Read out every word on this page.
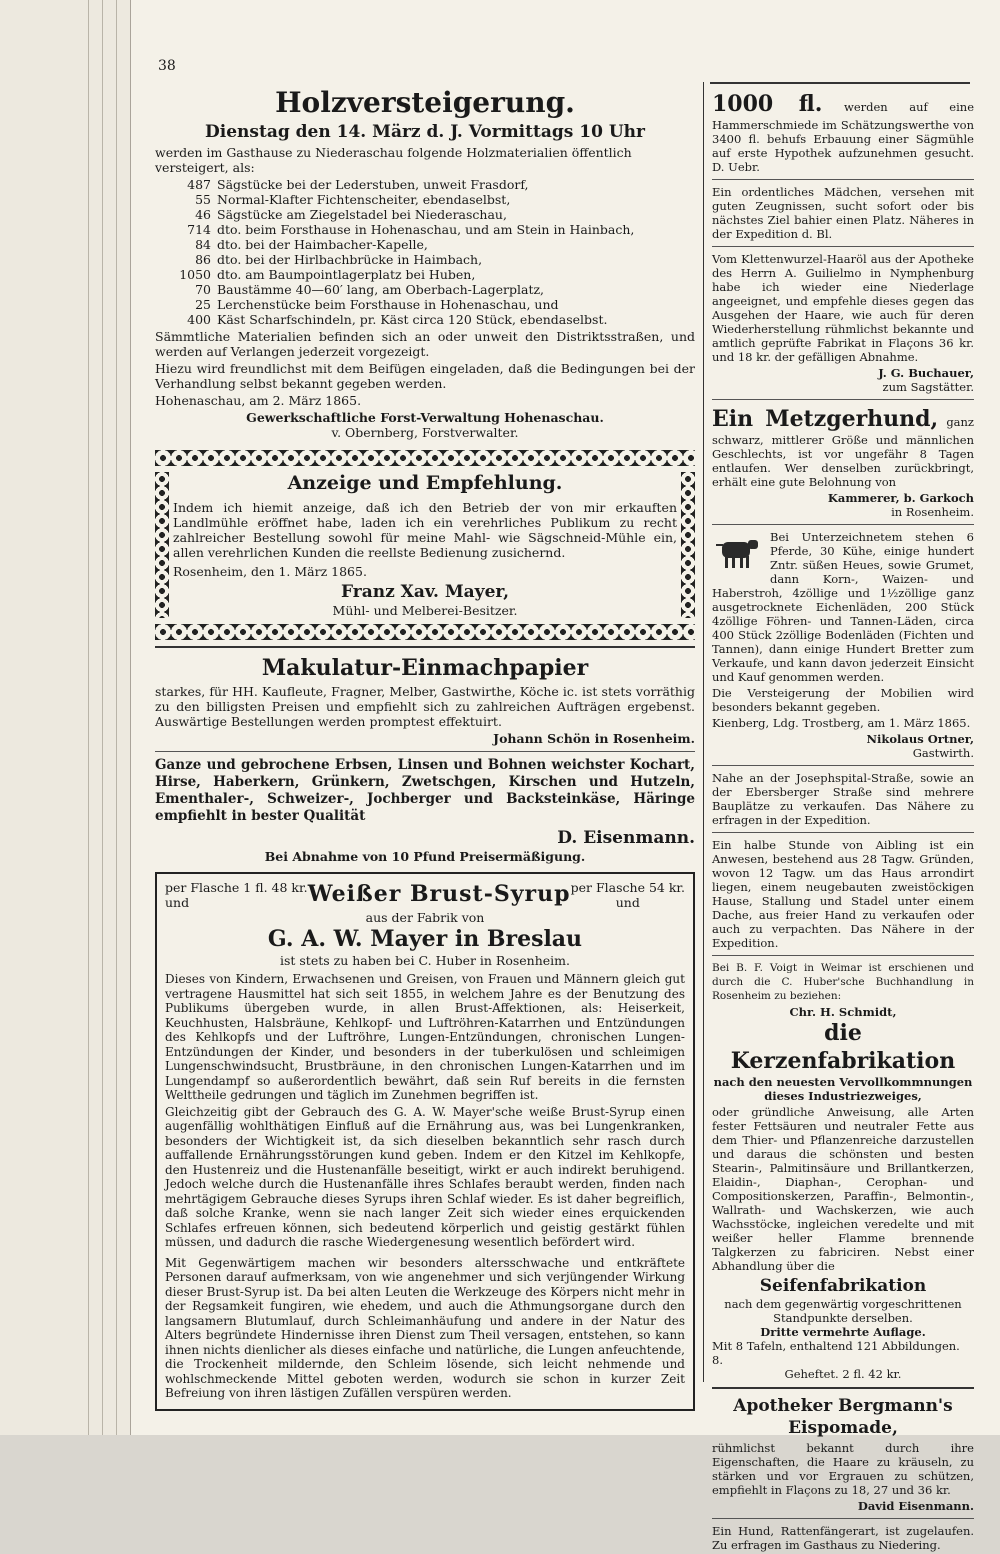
38
Holzversteigerung.
Dienstag den 14. März d. J. Vormittags 10 Uhr

werden im Gasthause zu Niederaschau folgende Holzmaterialien öffentlich versteigert, als:

487 Sägstücke bei der Lederstuben, unweit Frasdorf,
55 Normal-Klafter Fichtenscheiter, ebendaselbst,
46 Sägstücke am Ziegelstadel bei Niederaschau,
714 dto. beim Forsthause in Hohenaschau, und am Stein in Hainbach,
84 dto. bei der Haimbacher-Kapelle,
86 dto. bei der Hirlbachbrücke in Haimbach,
1050 dto. am Baumpointlagerplatz bei Huben,
70 Baustämme 40—60′ lang, am Oberbach-Lagerplatz,
25 Lerchenstücke beim Forsthause in Hohenaschau, und
400 Käst Scharfschindeln, pr. Käst circa 120 Stück, ebendaselbst.

Sämmtliche Materialien befinden sich an oder unweit den Distriktsstraßen, und werden auf Verlangen jederzeit vorgezeigt.

Hiezu wird freundlichst mit dem Beifügen eingeladen, daß die Bedingungen bei der Verhandlung selbst bekannt gegeben werden.

Hohenaschau, am 2. März 1865.

Gewerkschaftliche Forst-Verwaltung Hohenaschau.
v. Obernberg, Forstverwalter.
Anzeige und Empfehlung.

Indem ich hiemit anzeige, daß ich den Betrieb der von mir erkauften Landlmühle eröffnet habe, laden ich ein verehrliches Publikum zu recht zahlreicher Bestellung sowohl für meine Mahl- wie Sägschneid-Mühle ein, allen verehrlichen Kunden die reellste Bedienung zusichernd.

Rosenheim, den 1. März 1865.

Franz Xav. Mayer,
Mühl- und Melberei-Besitzer.
Makulatur-Einmachpapier

starkes, für HH. Kaufleute, Fragner, Melber, Gastwirthe, Köche ic. ist stets vorräthig zu den billigsten Preisen und empfiehlt sich zu zahlreichen Aufträgen ergebenst. Auswärtige Bestellungen werden promptest effektuirt.

Johann Schön in Rosenheim.

Ganze und gebrochene Erbsen, Linsen und Bohnen weichster Kochart, Hirse, Haberkern, Grünkern, Zwetschgen, Kirschen und Hutzeln, Ementhaler-, Schweizer-, Jochberger und Backsteinkäse, Häringe empfiehlt in bester Qualität

D. Eisenmann.
Bei Abnahme von 10 Pfund Preisermäßigung.
per Flasche 1 fl. 48 kr.
und	Weißer Brust-Syrup per Flasche 54 kr.
und
aus der Fabrik von
G. A. W. Mayer in Breslau
ist stets zu haben bei C. Huber in Rosenheim.

Dieses von Kindern, Erwachsenen und Greisen, von Frauen und Männern gleich gut vertragene Hausmittel hat sich seit 1855, in welchem Jahre es der Benutzung des Publikums übergeben wurde, in allen Brust-Affektionen, als: Heiserkeit, Keuchhusten, Halsbräune, Kehlkopf- und Luftröhren-Katarrhen und Entzündungen des Kehlkopfs und der Luftröhre, Lungen-Entzündungen, chronischen Lungen-Entzündungen der Kinder, und besonders in der tuberkulösen und schleimigen Lungenschwindsucht, Brustbräune, in den chronischen Lungen-Katarrhen und im Lungendampf so außerordentlich bewährt, daß sein Ruf bereits in die fernsten Welttheile gedrungen und täglich im Zunehmen begriffen ist.

Gleichzeitig gibt der Gebrauch des G. A. W. Mayer'sche weiße Brust-Syrup einen augenfällig wohlthätigen Einfluß auf die Ernährung aus, was bei Lungenkranken, besonders der Wichtigkeit ist, da sich dieselben bekanntlich sehr rasch durch auffallende Ernährungsstörungen kund geben. Indem er den Kitzel im Kehlkopfe, den Hustenreiz und die Hustenanfälle beseitigt, wirkt er auch indirekt beruhigend. Jedoch welche durch die Hustenanfälle ihres Schlafes beraubt werden, finden nach mehrtägigem Gebrauche dieses Syrups ihren Schlaf wieder. Es ist daher begreiflich, daß solche Kranke, wenn sie nach langer Zeit sich wieder eines erquickenden Schlafes erfreuen können, sich bedeutend körperlich und geistig gestärkt fühlen müssen, und dadurch die rasche Wiedergenesung wesentlich befördert wird.

Mit Gegenwärtigem machen wir besonders altersschwache und entkräftete Personen darauf aufmerksam, von wie angenehmer und sich verjüngender Wirkung dieser Brust-Syrup ist. Da bei alten Leuten die Werkzeuge des Körpers nicht mehr in der Regsamkeit fungiren, wie ehedem, und auch die Athmungsorgane durch den langsamern Blutumlauf, durch Schleimanhäufung und andere in der Natur des Alters begründete Hindernisse ihren Dienst zum Theil versagen, entstehen, so kann ihnen nichts dienlicher als dieses einfache und natürliche, die Lungen anfeuchtende, die Trockenheit mildernde, den Schleim lösende, sich leicht nehmende und wohlschmeckende Mittel geboten werden, wodurch sie schon in kurzer Zeit Befreiung von ihren lästigen Zufällen verspüren werden.

1000 fl. werden auf eine Hammerschmiede im Schätzungswerthe von 3400 fl. behufs Erbauung einer Sägmühle auf erste Hypothek aufzunehmen gesucht. D. Uebr.

Ein ordentliches Mädchen, versehen mit guten Zeugnissen, sucht sofort oder bis nächstes Ziel bahier einen Platz. Näheres in der Expedition d. Bl.

Vom Klettenwurzel-Haaröl aus der Apotheke des Herrn A. Guilielmo in Nymphenburg habe ich wieder eine Niederlage angeeignet, und empfehle dieses gegen das Ausgehen der Haare, wie auch für deren Wiederherstellung rühmlichst bekannte und amtlich geprüfte Fabrikat in Flaçons 36 kr. und 18 kr. der gefälligen Abnahme.

J. G. Buchauer,
zum Sagstätter.

Ein Metzgerhund, ganz schwarz, mittlerer Größe und männlichen Geschlechts, ist vor ungefähr 8 Tagen entlaufen. Wer denselben zurückbringt, erhält eine gute Belohnung von

Kammerer, b. Garkoch
in Rosenheim.

Bei Unterzeichnetem stehen 6 Pferde, 30 Kühe, einige hundert Zntr. süßen Heues, sowie Grumet, dann Korn-, Waizen- und Haberstroh, 4zöllige und 1½zöllige ganz ausgetrocknete Eichenläden, 200 Stück 4zöllige Föhren- und Tannen-Läden, circa 400 Stück 2zöllige Bodenläden (Fichten und Tannen), dann einige Hundert Bretter zum Verkaufe, und kann davon jederzeit Einsicht und Kauf genommen werden.

Die Versteigerung der Mobilien wird besonders bekannt gegeben.

Kienberg, Ldg. Trostberg, am 1. März 1865.

Nikolaus Ortner,
Gastwirth.

Nahe an der Josephspital-Straße, sowie an der Ebersberger Straße sind mehrere Bauplätze zu verkaufen. Das Nähere zu erfragen in der Expedition.

Ein halbe Stunde von Aibling ist ein Anwesen, bestehend aus 28 Tagw. Gründen, wovon 12 Tagw. um das Haus arrondirt liegen, einem neugebauten zweistöckigen Hause, Stallung und Stadel unter einem Dache, aus freier Hand zu verkaufen oder auch zu verpachten. Das Nähere in der Expedition.

Bei B. F. Voigt in Weimar ist erschienen und durch die C. Huber'sche Buchhandlung in Rosenheim zu beziehen:

Chr. H. Schmidt,
die Kerzenfabrikation
nach den neuesten Vervollkommnungen dieses Industriezweiges,

oder gründliche Anweisung, alle Arten fester Fettsäuren und neutraler Fette aus dem Thier- und Pflanzenreiche darzustellen und daraus die schönsten und besten Stearin-, Palmitinsäure und Brillantkerzen, Elaidin-, Diaphan-, Cerophan- und Compositionskerzen, Paraffin-, Belmontin-, Wallrath- und Wachskerzen, wie auch Wachsstöcke, ingleichen veredelte und mit weißer heller Flamme brennende Talgkerzen zu fabriciren. Nebst einer Abhandlung über die

Seifenfabrikation
nach dem gegenwärtig vorgeschrittenen Standpunkte derselben.
Dritte vermehrte Auflage.
Mit 8 Tafeln, enthaltend 121 Abbildungen. 8.
Geheftet. 2 fl. 42 kr.
Apotheker Bergmann's
Eispomade,

rühmlichst bekannt durch ihre Eigenschaften, die Haare zu kräuseln, zu stärken und vor Ergrauen zu schützen, empfiehlt in Flaçons zu 18, 27 und 36 kr.

David Eisenmann.

Ein Hund, Rattenfängerart, ist zugelaufen. Zu erfragen im Gasthaus zu Niedering.
